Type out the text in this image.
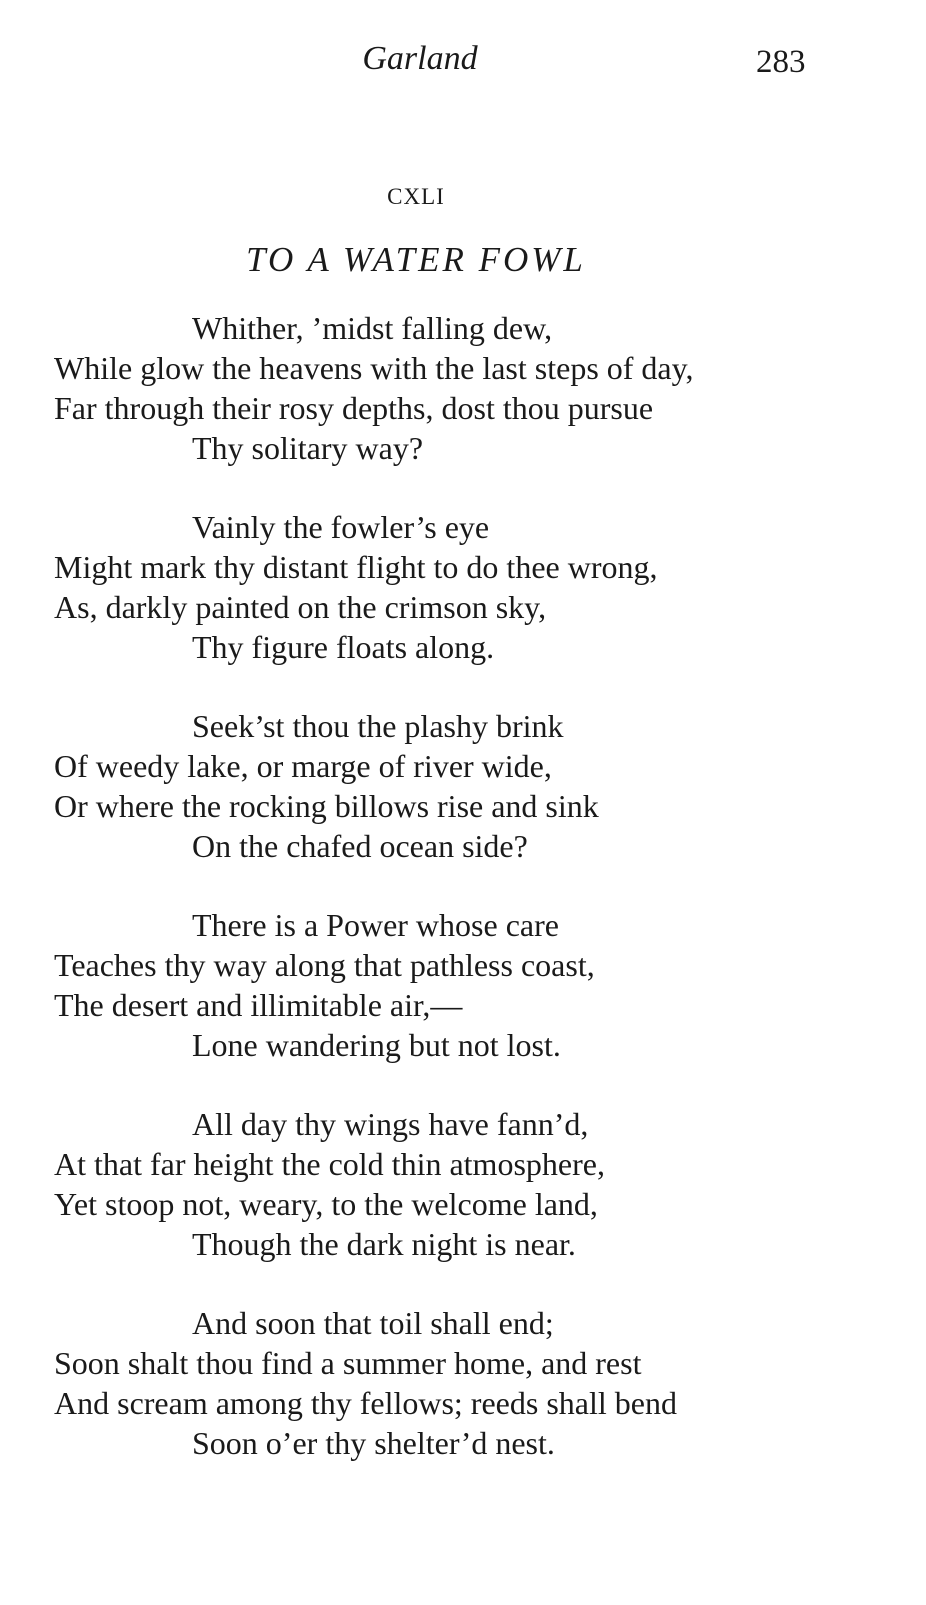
Garland	283
CXLI
TO A WATER FOWL
Whither, ’midst falling dew,
While glow the heavens with the last steps of day,
Far through their rosy depths, dost thou pursue
Thy solitary way?
Vainly the fowler’s eye
Might mark thy distant flight to do thee wrong,
As, darkly painted on the crimson sky,
Thy figure floats along.
Seek’st thou the plashy brink
Of weedy lake, or marge of river wide,
Or where the rocking billows rise and sink
On the chafed ocean side?
There is a Power whose care
Teaches thy way along that pathless coast,
The desert and illimitable air,—
Lone wandering but not lost.
All day thy wings have fann’d,
At that far height the cold thin atmosphere,
Yet stoop not, weary, to the welcome land,
Though the dark night is near.
And soon that toil shall end;
Soon shalt thou find a summer home, and rest
And scream among thy fellows; reeds shall bend
Soon o’er thy shelter’d nest.
